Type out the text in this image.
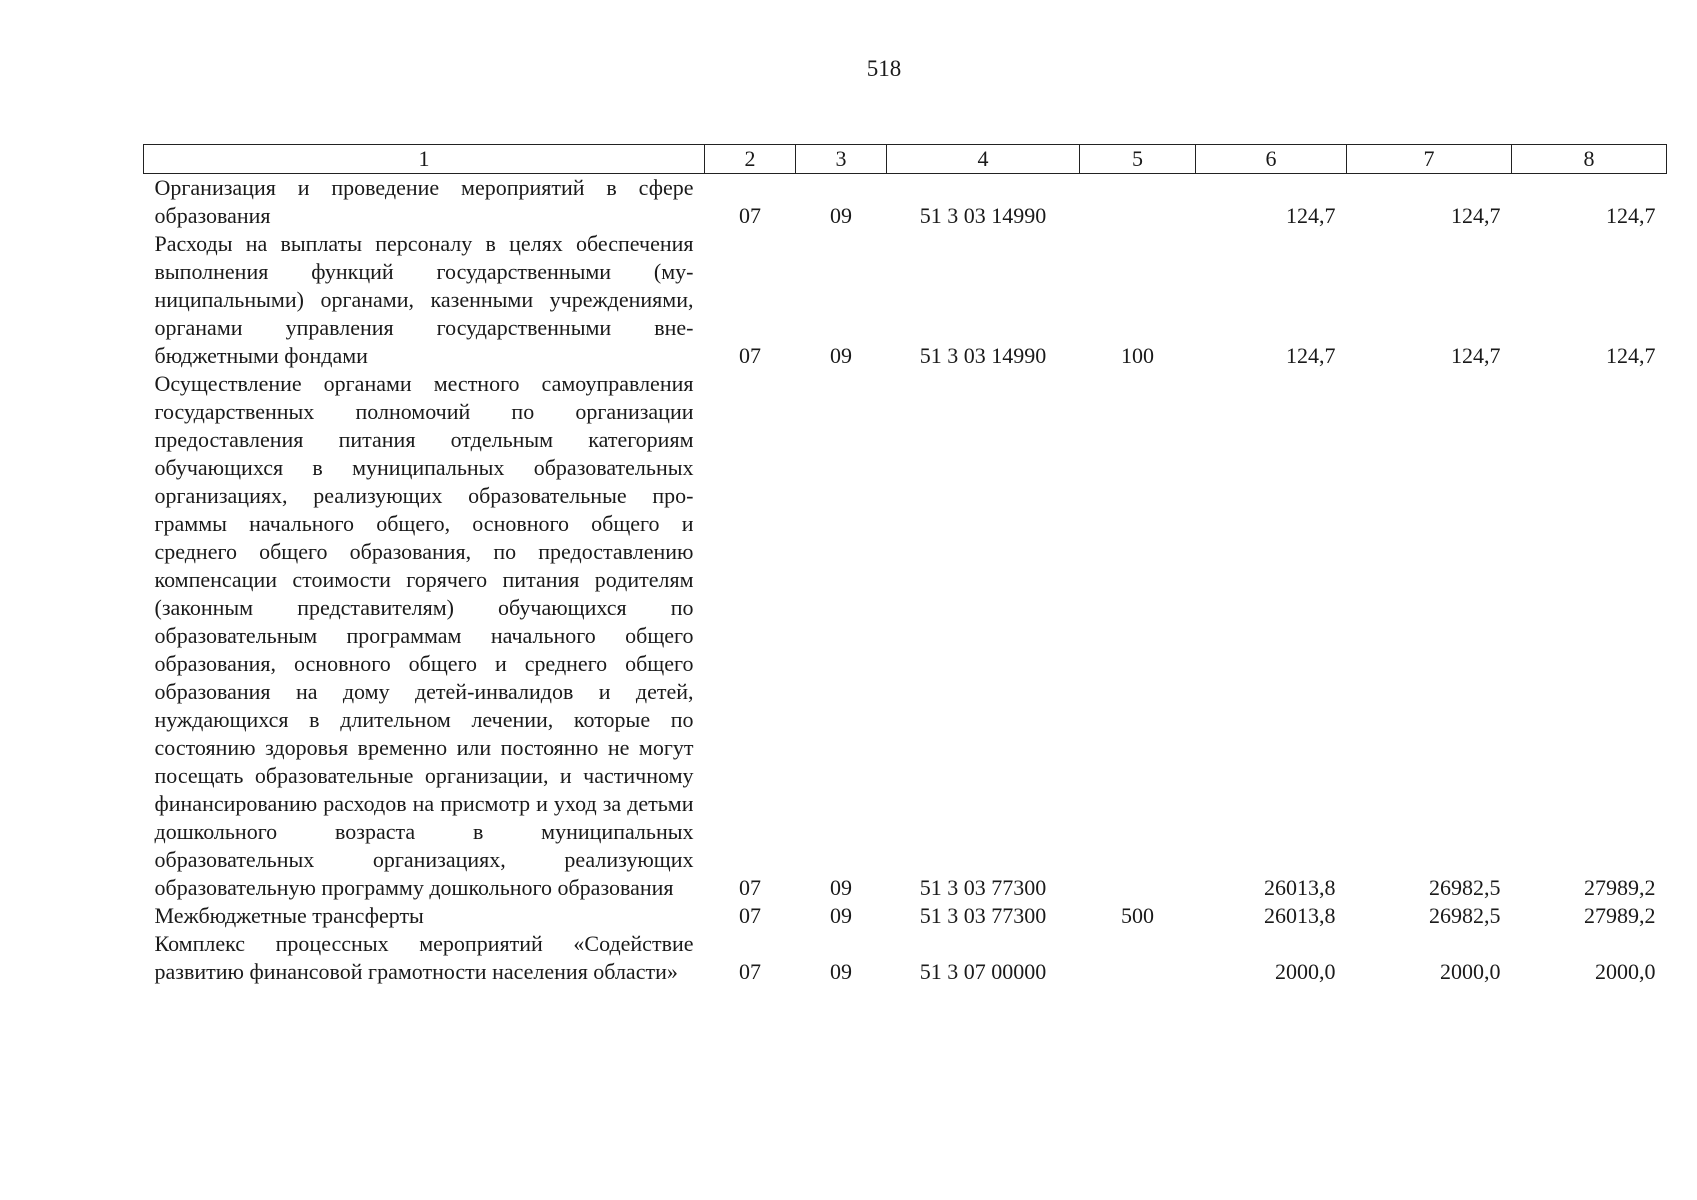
518
1	2	3	4	5	6	7	8
Организация и проведение мероприятий в сфере образования	07	09	51 3 03 14990		124,7	124,7	124,7
Расходы на выплаты персоналу в целях обеспечения выполнения функций государственными (муниципальными) органами, казенными учреждениями, органами управления государственными внебюджетными фондами	07	09	51 3 03 14990	100	124,7	124,7	124,7
Осуществление органами местного самоуправления государственных полномочий по организации предоставления питания отдельным категориям обучающихся в муниципальных образовательных организациях, реализующих образовательные программы начального общего, основного общего и среднего общего образования, по предоставлению компенсации стоимости горячего питания родителям (законным представителям) обучающихся по образовательным программам начального общего образования, основного общего и среднего общего образования на дому детей-инвалидов и детей, нуждающихся в длительном лечении, которые по состоянию здоровья временно или постоянно не могут посещать образовательные организации, и частичному финансированию расходов на присмотр и уход за детьми дошкольного возраста в муниципальных образовательных организациях, реализующих образовательную программу дошкольного образования	07	09	51 3 03 77300		26013,8	26982,5	27989,2
Межбюджетные трансферты	07	09	51 3 03 77300	500	26013,8	26982,5	27989,2
Комплекс процессных мероприятий «Содействие развитию финансовой грамотности населения области»	07	09	51 3 07 00000		2000,0	2000,0	2000,0
